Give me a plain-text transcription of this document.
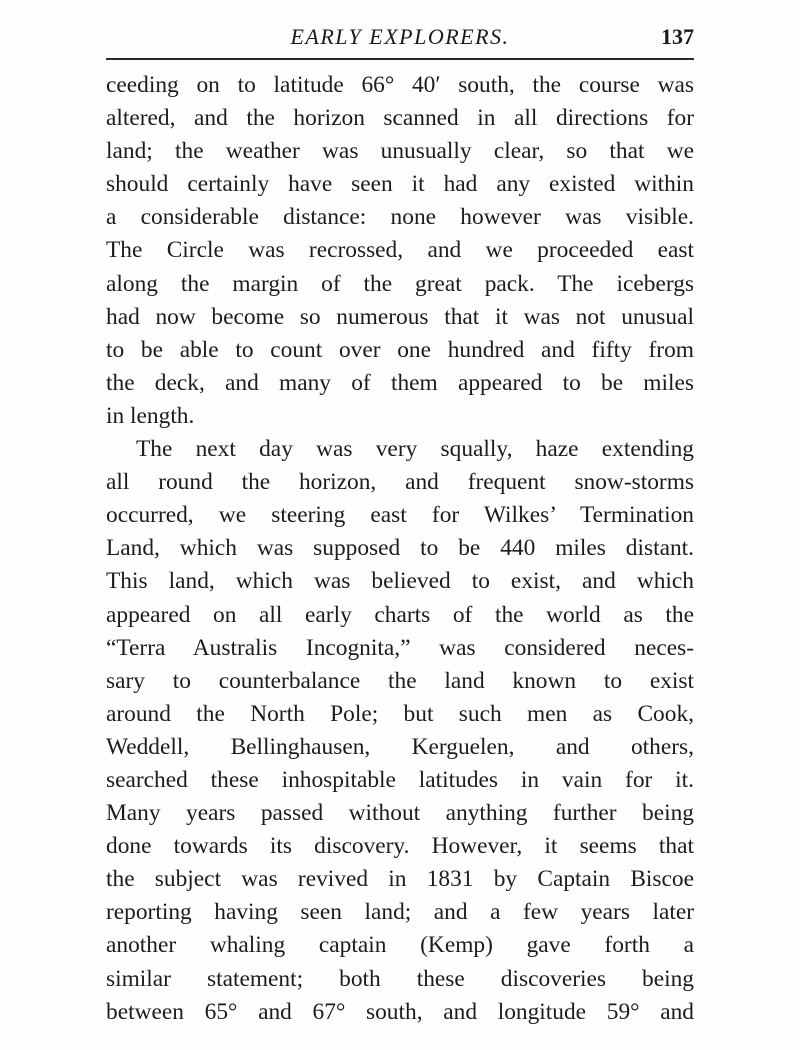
EARLY EXPLORERS.	137
ceeding on to latitude 66° 40′ south, the course was
altered, and the horizon scanned in all directions for
land; the weather was unusually clear, so that we
should certainly have seen it had any existed within
a considerable distance: none however was visible.
The Circle was recrossed, and we proceeded east
along the margin of the great pack. The icebergs
had now become so numerous that it was not unusual
to be able to count over one hundred and fifty from
the deck, and many of them appeared to be miles
in length.
The next day was very squally, haze extending
all round the horizon, and frequent snow-storms
occurred, we steering east for Wilkes’ Termination
Land, which was supposed to be 440 miles distant.
This land, which was believed to exist, and which
appeared on all early charts of the world as the
“Terra Australis Incognita,” was considered neces-
sary to counterbalance the land known to exist
around the North Pole; but such men as Cook,
Weddell, Bellinghausen, Kerguelen, and others,
searched these inhospitable latitudes in vain for it.
Many years passed without anything further being
done towards its discovery. However, it seems that
the subject was revived in 1831 by Captain Biscoe
reporting having seen land; and a few years later
another whaling captain (Kemp) gave forth a
similar statement; both these discoveries being
between 65° and 67° south, and longitude 59° and
